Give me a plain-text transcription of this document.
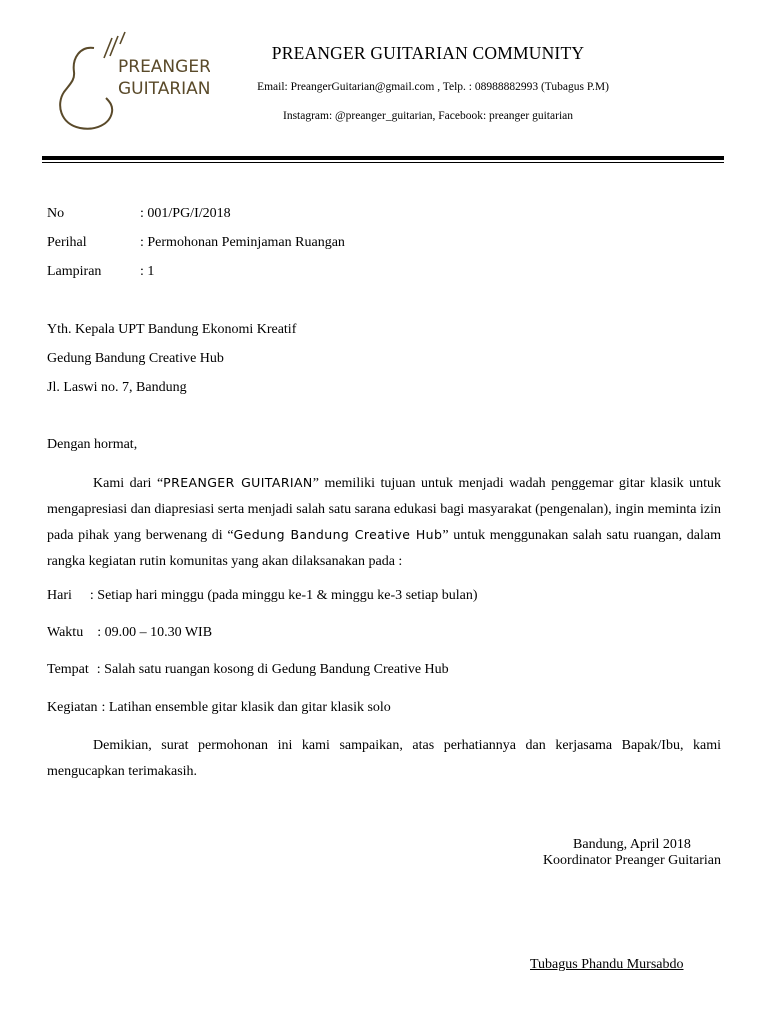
PREANGER
GUITARIAN
PREANGER GUITARIAN COMMUNITY
Email: PreangerGuitarian@gmail.com , Telp. : 08988882993 (Tubagus P.M)
Instagram: @preanger_guitarian, Facebook: preanger guitarian
No	: 001/PG/I/2018
Perihal	: Permohonan Peminjaman Ruangan
Lampiran	: 1
Yth. Kepala UPT Bandung Ekonomi Kreatif
Gedung Bandung Creative Hub
Jl. Laswi no. 7, Bandung
Dengan hormat,
Kami dari “PREANGER GUITARIAN” memiliki tujuan untuk menjadi wadah penggemar gitar klasik untuk mengapresiasi dan diapresiasi serta menjadi salah satu sarana edukasi bagi masyarakat (pengenalan), ingin meminta izin pada pihak yang berwenang di “Gedung Bandung Creative Hub” untuk menggunakan salah satu ruangan, dalam rangka kegiatan rutin komunitas yang akan dilaksanakan pada :
Hari : Setiap hari minggu (pada minggu ke-1 & minggu ke-3 setiap bulan)
Waktu : 09.00 – 10.30 WIB
Tempat : Salah satu ruangan kosong di Gedung Bandung Creative Hub
Kegiatan : Latihan ensemble gitar klasik dan gitar klasik solo
Demikian, surat permohonan ini kami sampaikan, atas perhatiannya dan kerjasama Bapak/Ibu, kami mengucapkan terimakasih.
Bandung, April 2018
Koordinator Preanger Guitarian
Tubagus Phandu Mursabdo
